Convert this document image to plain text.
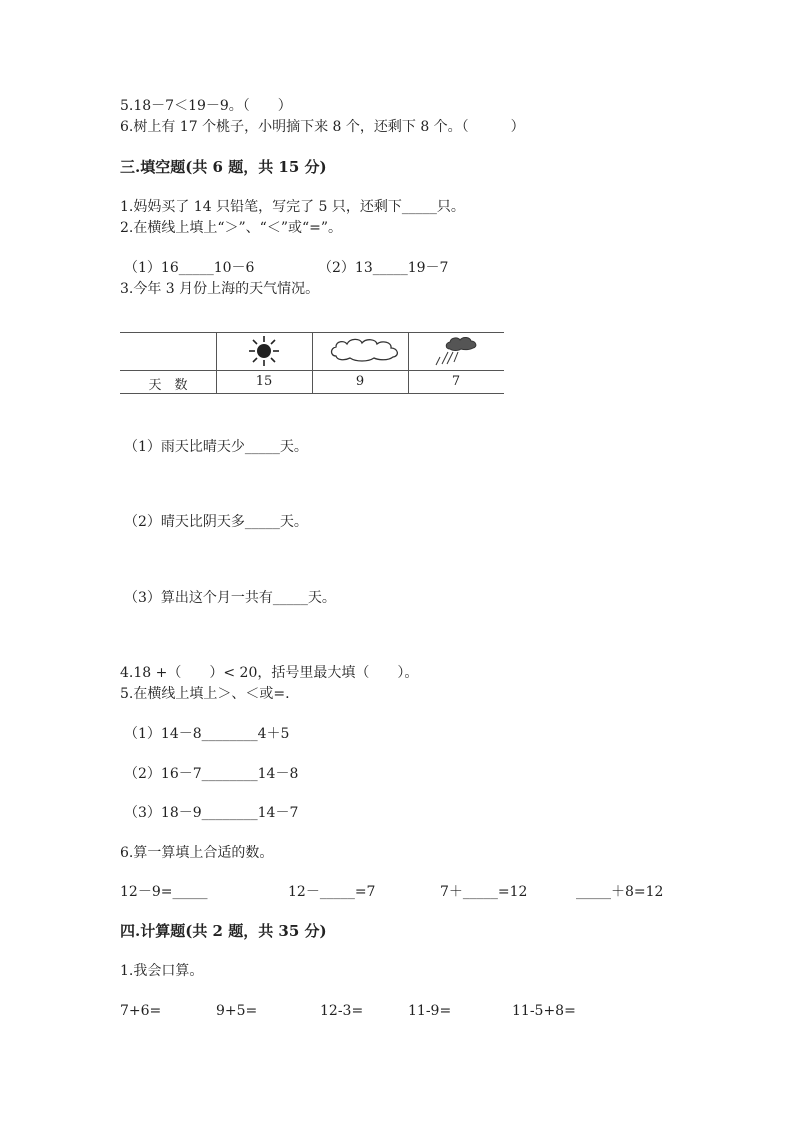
5.18－7＜19－9。（　　）
6.树上有 17 个桃子，小明摘下来 8 个，还剩下 8 个。（　　　）
三.填空题(共 6 题，共 15 分)
1.妈妈买了 14 只铅笔，写完了 5 只，还剩下_____只。
2.在横线上填上“＞”、“＜”或“=”。
（1）16_____10－6	（2）13_____19－7
3.今年 3 月份上海的天气情况。
天　数	15	9	7
（1）雨天比晴天少_____天。
（2）晴天比阴天多_____天。
（3）算出这个月一共有_____天。
4.18 +（　　）< 20，括号里最大填（　　）。
5.在横线上填上＞、＜或=.
（1）14－8________4＋5
（2）16－7________14－8
（3）18－9________14－7
6.算一算填上合适的数。
12－9=_____	12－_____=7	7＋_____=12	_____＋8=12
四.计算题(共 2 题，共 35 分)
1.我会口算。
7+6=	9+5=	12-3=	11-9=	11-5+8=
